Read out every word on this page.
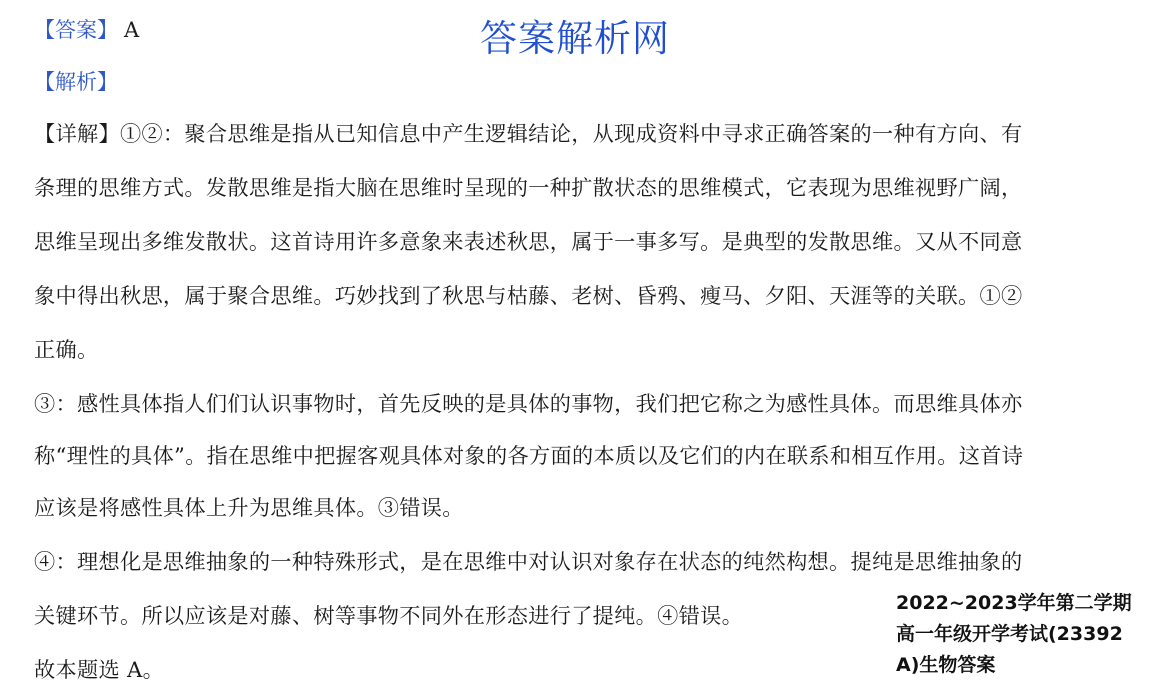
【答案】 A	答案解析网
【解析】
【详解】①②：聚合思维是指从已知信息中产生逻辑结论，从现成资料中寻求正确答案的一种有方向、有
条理的思维方式。发散思维是指大脑在思维时呈现的一种扩散状态的思维模式，它表现为思维视野广阔，
思维呈现出多维发散状。这首诗用许多意象来表述秋思，属于一事多写。是典型的发散思维。又从不同意
象中得出秋思，属于聚合思维。巧妙找到了秋思与枯藤、老树、昏鸦、瘦马、夕阳、天涯等的关联。①②
正确。
③：感性具体指人们们认识事物时，首先反映的是具体的事物，我们把它称之为感性具体。而思维具体亦
称“理性的具体”。指在思维中把握客观具体对象的各方面的本质以及它们的内在联系和相互作用。这首诗
应该是将感性具体上升为思维具体。③错误。
④：理想化是思维抽象的一种特殊形式，是在思维中对认识对象存在状态的纯然构想。提纯是思维抽象的
关键环节。所以应该是对藤、树等事物不同外在形态进行了提纯。④错误。
故本题选 A。
2022~2023学年第二学期高一年级开学考试(23392A)生物答案
